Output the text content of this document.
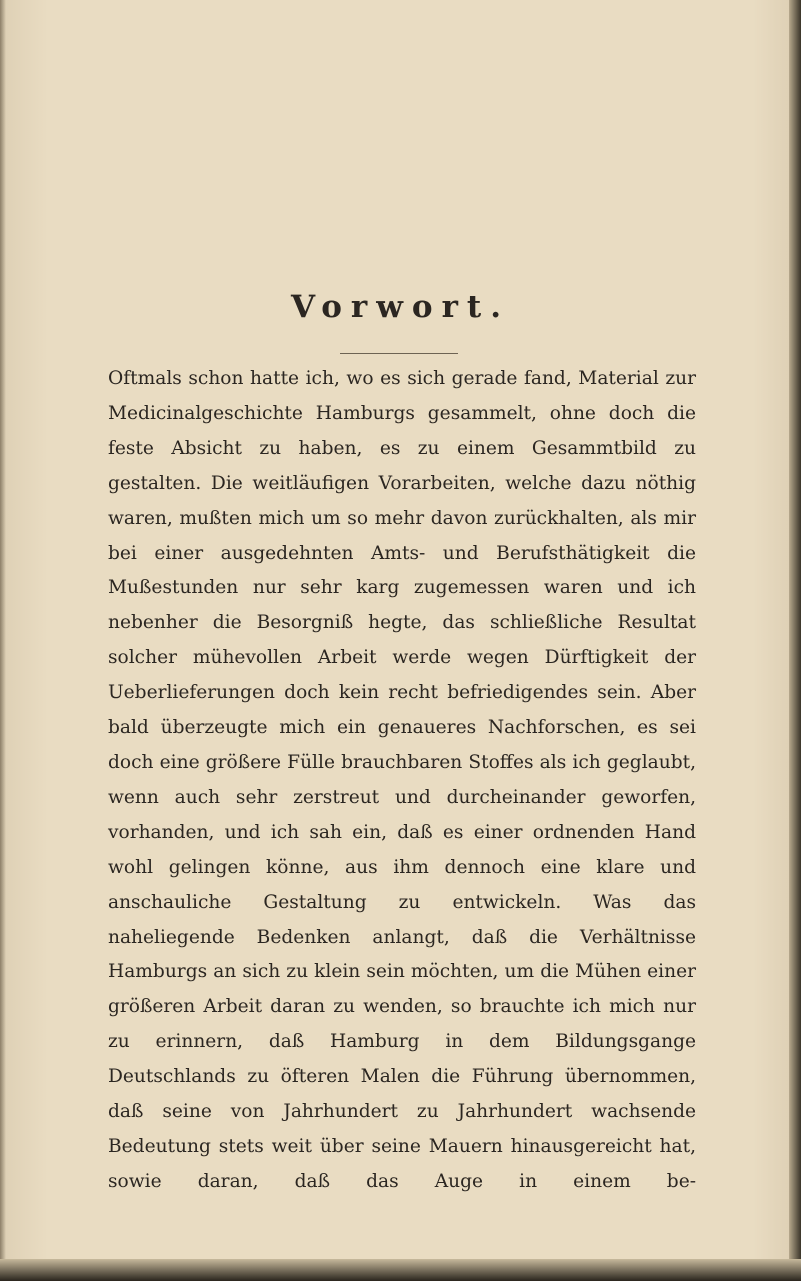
Vorwort.

Oftmals schon hatte ich, wo es sich gerade fand, Material zur Medicinalgeschichte Hamburgs gesammelt, ohne doch die feste Absicht zu haben, es zu einem Gesammtbild zu gestalten. Die weitläufigen Vorarbeiten, welche dazu nöthig waren, mußten mich um so mehr davon zurückhalten, als mir bei einer ausgedehnten Amts- und Berufsthätigkeit die Mußestunden nur sehr karg zugemessen waren und ich nebenher die Besorgniß hegte, das schließliche Resultat solcher mühevollen Arbeit werde wegen Dürftigkeit der Ueberlieferungen doch kein recht befriedigendes sein. Aber bald überzeugte mich ein genaueres Nachforschen, es sei doch eine größere Fülle brauchbaren Stoffes als ich geglaubt, wenn auch sehr zerstreut und durcheinander geworfen, vorhanden, und ich sah ein, daß es einer ordnenden Hand wohl gelingen könne, aus ihm dennoch eine klare und anschauliche Gestaltung zu entwickeln. Was das naheliegende Bedenken anlangt, daß die Verhältnisse Hamburgs an sich zu klein sein möchten, um die Mühen einer größeren Arbeit daran zu wenden, so brauchte ich mich nur zu erinnern, daß Hamburg in dem Bildungsgange Deutschlands zu öfteren Malen die Führung übernommen, daß seine von Jahrhundert zu Jahrhundert wachsende Bedeutung stets weit über seine Mauern hinausgereicht hat, sowie daran, daß das Auge in einem be-
